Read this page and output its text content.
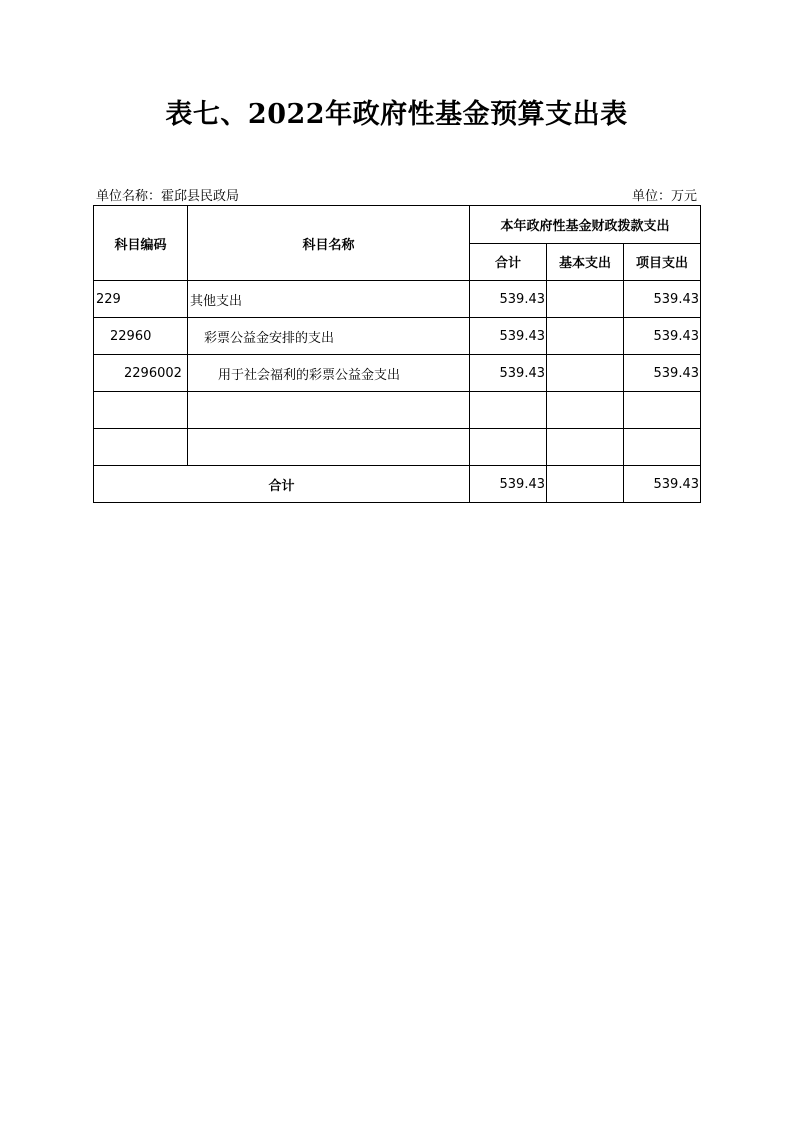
表七、2022年政府性基金预算支出表
单位名称：霍邱县民政局	单位：万元
科目编码	科目名称	本年政府性基金财政拨款支出		
		合计	基本支出	项目支出
229	其他支出	539.43		539.43
22960	彩票公益金安排的支出	539.43		539.43
2296002	用于社会福利的彩票公益金支出	539.43		539.43

合计		539.43		539.43
